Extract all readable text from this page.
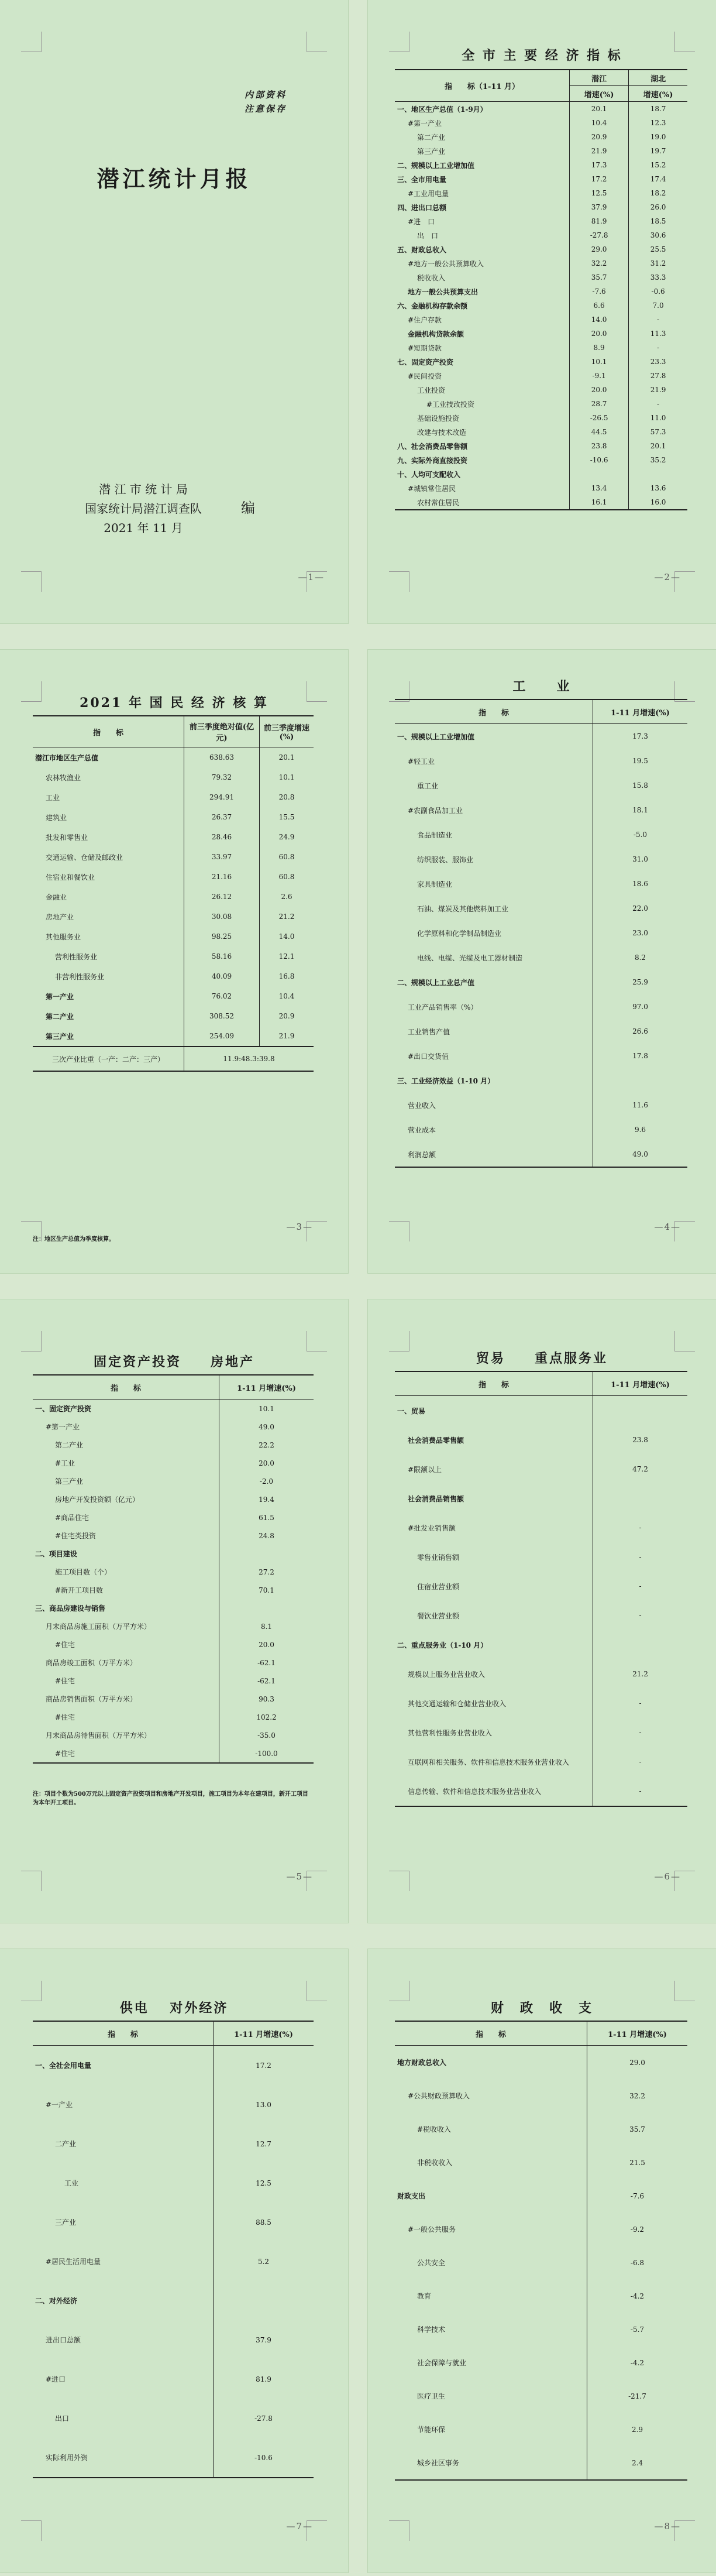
内部资料
注意保存
潜江统计月报
潜 江 市 统 计 局
国家统计局潜江调查队
2021 年 11 月
编
—1—
全 市 主 要 经 济 指 标
指　　标（1-11 月）	潜江	湖北
	增速(%)	增速(%)
一、地区生产总值（1-9月）	20.1	18.7
#第一产业	10.4	12.3
第二产业	20.9	19.0
第三产业	21.9	19.7
二、规模以上工业增加值	17.3	15.2
三、全市用电量	17.2	17.4
#工业用电量	12.5	18.2
四、进出口总额	37.9	26.0
#进　口	81.9	18.5
出　口	-27.8	30.6
五、财政总收入	29.0	25.5
#地方一般公共预算收入	32.2	31.2
税收收入	35.7	33.3
地方一般公共预算支出	-7.6	-0.6
六、金融机构存款余额	6.6	7.0
#住户存款	14.0	-
金融机构贷款余额	20.0	11.3
#短期贷款	8.9	-
七、固定资产投资	10.1	23.3
#民间投资	-9.1	27.8
工业投资	20.0	21.9
#工业技改投资	28.7	-
基础设施投资	-26.5	11.0
改建与技术改造	44.5	57.3
八、社会消费品零售额	23.8	20.1
九、实际外商直接投资	-10.6	35.2
十、人均可支配收入		
#城镇常住居民	13.4	13.6
农村常住居民	16.1	16.0
—2—
2021 年 国 民 经 济 核 算
指　　标	前三季度绝对值(亿元)	前三季度增速(%)
潜江市地区生产总值	638.63	20.1
农林牧渔业	79.32	10.1
工业	294.91	20.8
建筑业	26.37	15.5
批发和零售业	28.46	24.9
交通运输、仓储及邮政业	33.97	60.8
住宿业和餐饮业	21.16	60.8
金融业	26.12	2.6
房地产业	30.08	21.2
其他服务业	98.25	14.0
营利性服务业	58.16	12.1
非营利性服务业	40.09	16.8
第一产业	76.02	10.4
第二产业	308.52	20.9
第三产业	254.09	21.9
三次产业比重（一产：二产：三产）	11.9:48.3:39.8	
注：地区生产总值为季度核算。
—3—
工　　业
指　　标	1-11 月增速(%)
一、规模以上工业增加值	17.3
#轻工业	19.5
重工业	15.8
#农副食品加工业	18.1
食品制造业	-5.0
纺织服装、服饰业	31.0
家具制造业	18.6
石油、煤炭及其他燃料加工业	22.0
化学原料和化学制品制造业	23.0
电线、电缆、光缆及电工器材制造	8.2
二、规模以上工业总产值	25.9
工业产品销售率（%）	97.0
工业销售产值	26.6
#出口交货值	17.8
三、工业经济效益（1-10 月）	
营业收入	11.6
营业成本	9.6
利润总额	49.0
—4—
固定资产投资　　房地产
指　　标	1-11 月增速(%)
一、固定资产投资	10.1
#第一产业	49.0
第二产业	22.2
#工业	20.0
第三产业	-2.0
房地产开发投资额（亿元）	19.4
#商品住宅	61.5
#住宅类投资	24.8
二、项目建设	
施工项目数（个）	27.2
#新开工项目数	70.1
三、商品房建设与销售	
月末商品房施工面积（万平方米）	8.1
#住宅	20.0
商品房竣工面积（万平方米）	-62.1
#住宅	-62.1
商品房销售面积（万平方米）	90.3
#住宅	102.2
月末商品房待售面积（万平方米）	-35.0
#住宅	-100.0
注：项目个数为500万元以上固定资产投资项目和房地产开发项目，施工项目为本年在建项目，新开工项目为本年开工项目。
—5—
贸易　　重点服务业
指　　标	1-11 月增速(%)
一、贸易	
社会消费品零售额	23.8
#限额以上	47.2
社会消费品销售额	
#批发业销售额	-
零售业销售额	-
住宿业营业额	-
餐饮业营业额	-
二、重点服务业（1-10 月）	
规模以上服务业营业收入	21.2
其他交通运输和仓储业营业收入	-
其他营利性服务业营业收入	-
互联网和相关服务、软件和信息技术服务业营业收入	-
信息传输、软件和信息技术服务业营业收入	-
—6—
供电　 对外经济
指　　标	1-11 月增速(%)
一、全社会用电量	17.2
#一产业	13.0
二产业	12.7
工业	12.5
三产业	88.5
#居民生活用电量	5.2
二、对外经济	
进出口总额	37.9
#进口	81.9
出口	-27.8
实际利用外资	-10.6
—7—
财　政　收　支
指　　标	1-11 月增速(%)
地方财政总收入	29.0
#公共财政预算收入	32.2
#税收收入	35.7
非税收收入	21.5
财政支出	-7.6
#一般公共服务	-9.2
公共安全	-6.8
教育	-4.2
科学技术	-5.7
社会保障与就业	-4.2
医疗卫生	-21.7
节能环保	2.9
城乡社区事务	2.4
—8—
